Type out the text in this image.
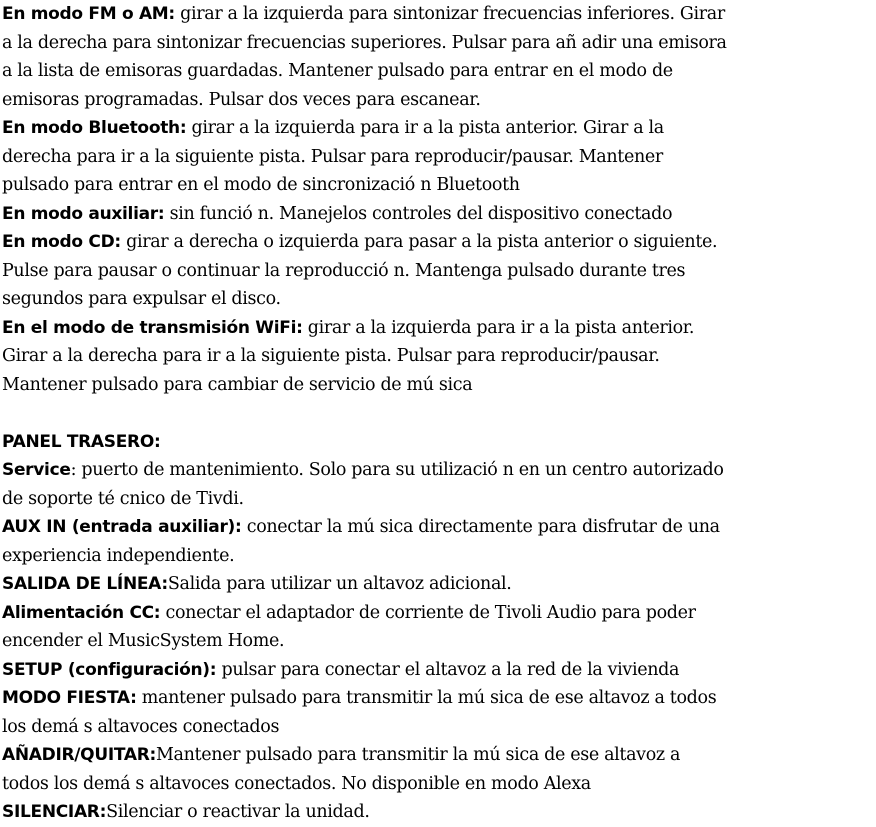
En modo FM o AM: girar a la izquierda para sintonizar frecuencias inferiores. Girar
a la derecha para sintonizar frecuencias superiores. Pulsar para añ adir una emisora
a la lista de emisoras guardadas. Mantener pulsado para entrar en el modo de
emisoras programadas. Pulsar dos veces para escanear.
En modo Bluetooth: girar a la izquierda para ir a la pista anterior. Girar a la
derecha para ir a la siguiente pista. Pulsar para reproducir/pausar. Mantener
pulsado para entrar en el modo de sincronizació n Bluetooth
En modo auxiliar: sin funció n. Manejelos controles del dispositivo conectado
En modo CD: girar a derecha o izquierda para pasar a la pista anterior o siguiente.
Pulse para pausar o continuar la reproducció n. Mantenga pulsado durante tres
segundos para expulsar el disco.
En el modo de transmisión WiFi: girar a la izquierda para ir a la pista anterior.
Girar a la derecha para ir a la siguiente pista. Pulsar para reproducir/pausar.
Mantener pulsado para cambiar de servicio de mú sica
PANEL TRASERO:
Service: puerto de mantenimiento. Solo para su utilizació n en un centro autorizado
de soporte té cnico de Tivdi.
AUX IN (entrada auxiliar): conectar la mú sica directamente para disfrutar de una
experiencia independiente.
SALIDA DE LÍNEA:Salida para utilizar un altavoz adicional.
Alimentación CC: conectar el adaptador de corriente de Tivoli Audio para poder
encender el MusicSystem Home.
SETUP (configuración): pulsar para conectar el altavoz a la red de la vivienda
MODO FIESTA: mantener pulsado para transmitir la mú sica de ese altavoz a todos
los demá s altavoces conectados
AÑADIR/QUITAR:Mantener pulsado para transmitir la mú sica de ese altavoz a
todos los demá s altavoces conectados. No disponible en modo Alexa
SILENCIAR:Silenciar o reactivar la unidad.
